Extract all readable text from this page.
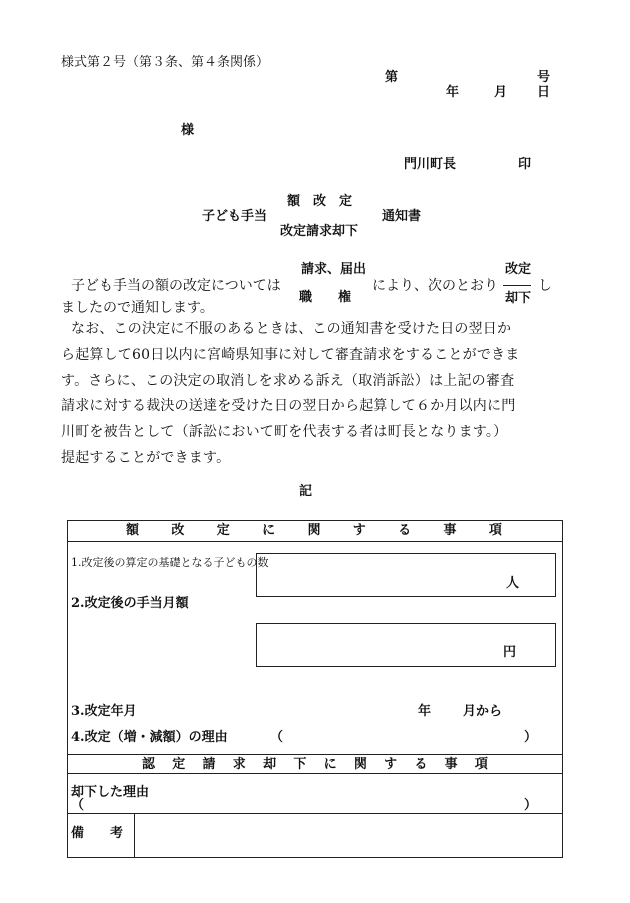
様式第２号（第３条、第４条関係）
第	号
年	月 日
様
門川町長	印
額　改　定
子ども手当
改定請求却下
通知書
請求、届出	改定
子ども手当の額の改定については	により、次のとおり	し
職　　権	却下
ましたので通知します。

なお、この決定に不服のあるときは、この通知書を受けた日の翌日か

ら起算して60日以内に宮崎県知事に対して審査請求をすることができま

す。さらに、この決定の取消しを求める訴え（取消訴訟）は上記の審査

請求に対する裁決の送達を受けた日の翌日から起算して６か月以内に門

川町を被告として（訴訟において町を代表する者は町長となります。）

提起することができます。

記
額 改 定 に 関 す る 事 項
1.改定後の算定の基礎となる子どもの数
人
2.改定後の手当月額
円
3.改定年月	年 月から
4.改定（増・減額）の理由	（	）
認 定 請 求 却 下 に 関 す る 事 項
却下した理由
（	）
備　　考
